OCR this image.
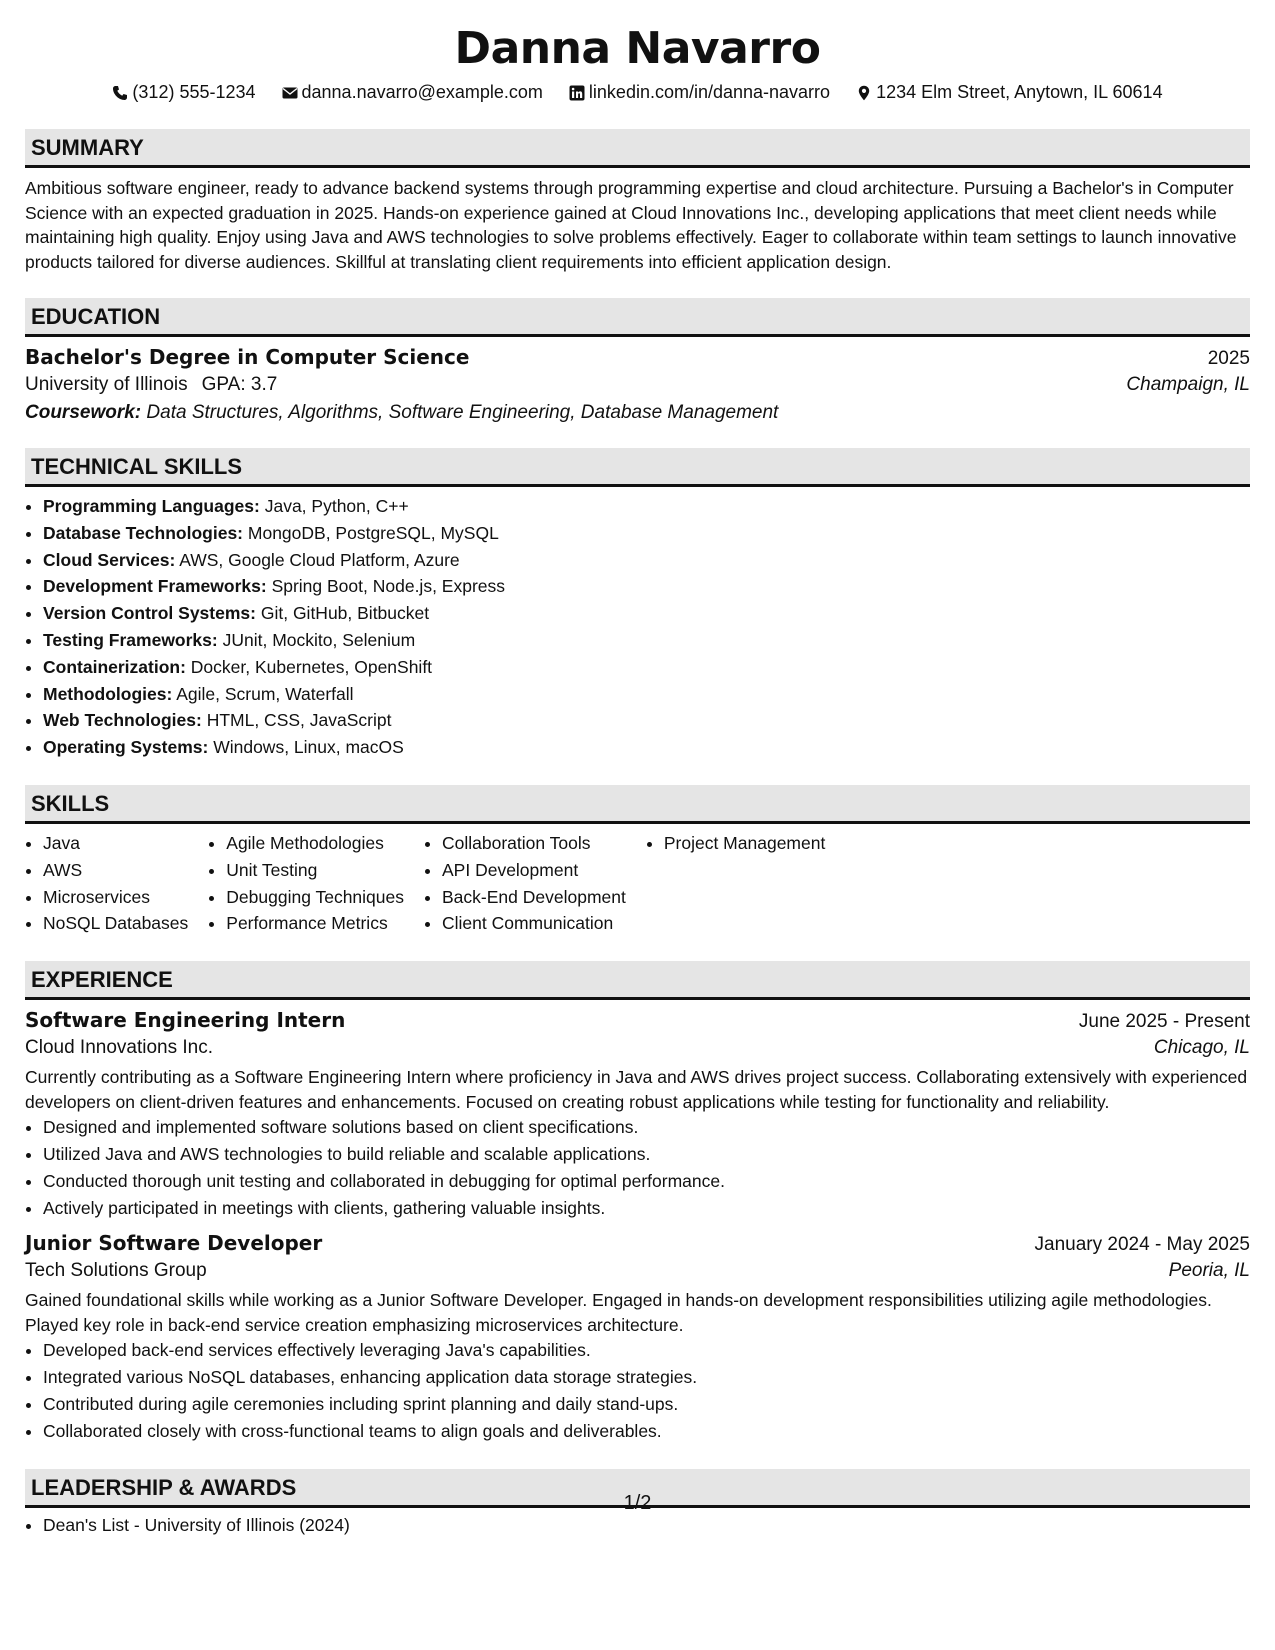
Danna Navarro
(312) 555-1234	danna.navarro@example.com	linkedin.com/in/danna-navarro	1234 Elm Street, Anytown, IL 60614
SUMMARY
Ambitious software engineer, ready to advance backend systems through programming expertise and cloud architecture. Pursuing a Bachelor's in Computer Science with an expected graduation in 2025. Hands-on experience gained at Cloud Innovations Inc., developing applications that meet client needs while maintaining high quality. Enjoy using Java and AWS technologies to solve problems effectively. Eager to collaborate within team settings to launch innovative products tailored for diverse audiences. Skillful at translating client requirements into efficient application design.
EDUCATION
Bachelor's Degree in Computer Science	2025
University of Illinois GPA: 3.7	Champaign, IL
Coursework: Data Structures, Algorithms, Software Engineering, Database Management
TECHNICAL SKILLS
• Programming Languages: Java, Python, C++
• Database Technologies: MongoDB, PostgreSQL, MySQL
• Cloud Services: AWS, Google Cloud Platform, Azure
• Development Frameworks: Spring Boot, Node.js, Express
• Version Control Systems: Git, GitHub, Bitbucket
• Testing Frameworks: JUnit, Mockito, Selenium
• Containerization: Docker, Kubernetes, OpenShift
• Methodologies: Agile, Scrum, Waterfall
• Web Technologies: HTML, CSS, JavaScript
• Operating Systems: Windows, Linux, macOS
SKILLS
• Java
• AWS
• Microservices
• NoSQL Databases
• Agile Methodologies
• Unit Testing
• Debugging Techniques
• Performance Metrics
• Collaboration Tools
• API Development
• Back-End Development
• Client Communication
• Project Management
EXPERIENCE
Software Engineering Intern	June 2025 - Present
Cloud Innovations Inc.	Chicago, IL
Currently contributing as a Software Engineering Intern where proficiency in Java and AWS drives project success. Collaborating extensively with experienced developers on client-driven features and enhancements. Focused on creating robust applications while testing for functionality and reliability.
• Designed and implemented software solutions based on client specifications.
• Utilized Java and AWS technologies to build reliable and scalable applications.
• Conducted thorough unit testing and collaborated in debugging for optimal performance.
• Actively participated in meetings with clients, gathering valuable insights.
Junior Software Developer	January 2024 - May 2025
Tech Solutions Group	Peoria, IL
Gained foundational skills while working as a Junior Software Developer. Engaged in hands-on development responsibilities utilizing agile methodologies. Played key role in back-end service creation emphasizing microservices architecture.
• Developed back-end services effectively leveraging Java's capabilities.
• Integrated various NoSQL databases, enhancing application data storage strategies.
• Contributed during agile ceremonies including sprint planning and daily stand-ups.
• Collaborated closely with cross-functional teams to align goals and deliverables.
LEADERSHIP & AWARDS
• Dean's List - University of Illinois (2024)
1/2
